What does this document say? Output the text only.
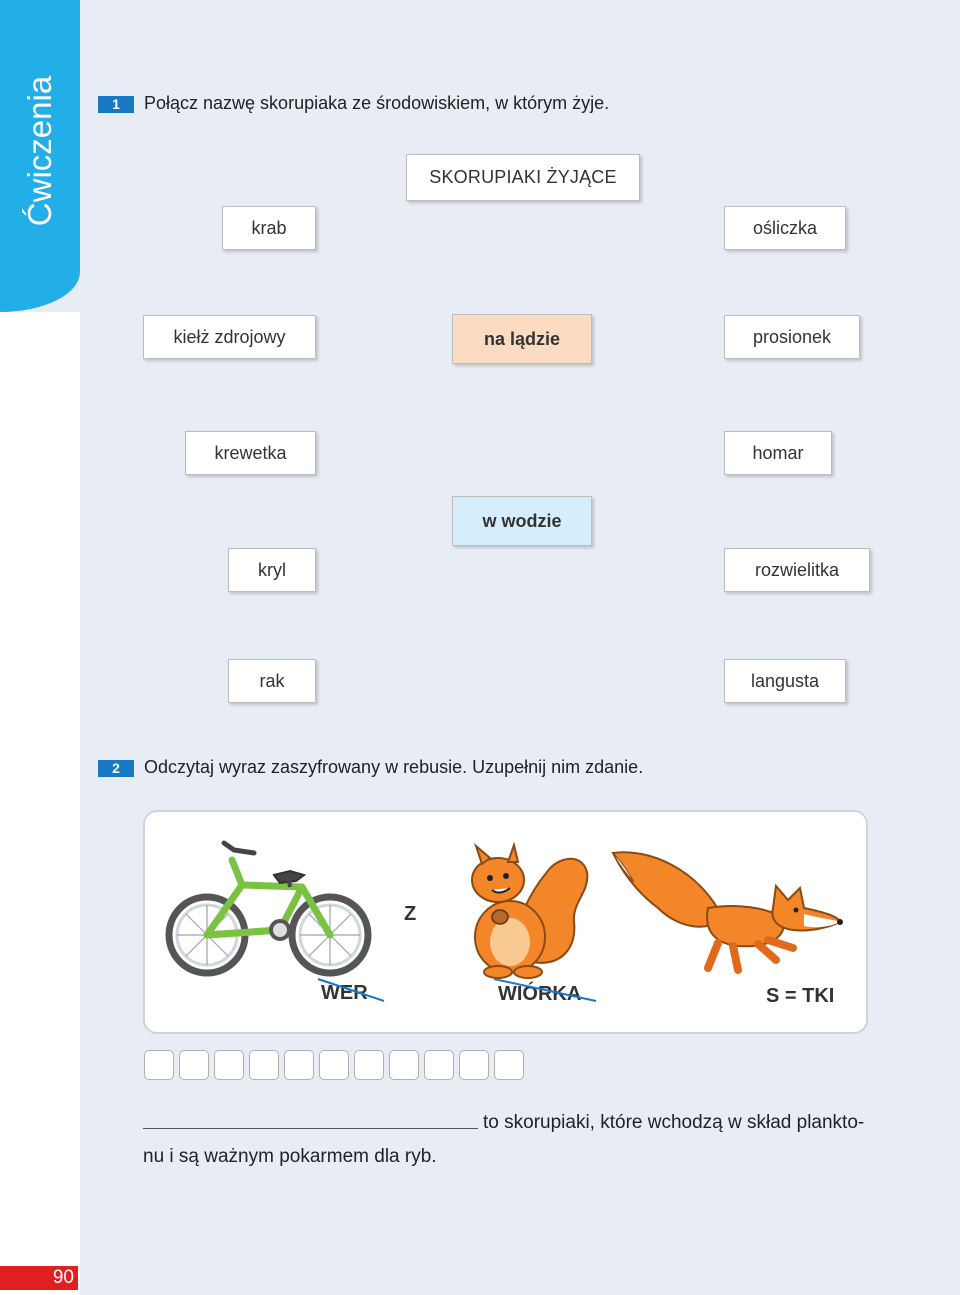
Ćwiczenia	1	Połącz nazwę skorupiaka ze środowiskiem, w którym żyje.
SKORUPIAKI ŻYJĄCE
krab	ośliczka
kiełż zdrojowy	na lądzie	prosionek
krewetka	homar
w wodzie
kryl	rozwielitka
rak	langusta
2	Odczytaj wyraz zaszyfrowany w rebusie. Uzupełnij nim zdanie.
Z
WER	WIÓRKA	S = TKI
to skorupiaki, które wchodzą w skład plankto-
nu i są ważnym pokarmem dla ryb.
90
